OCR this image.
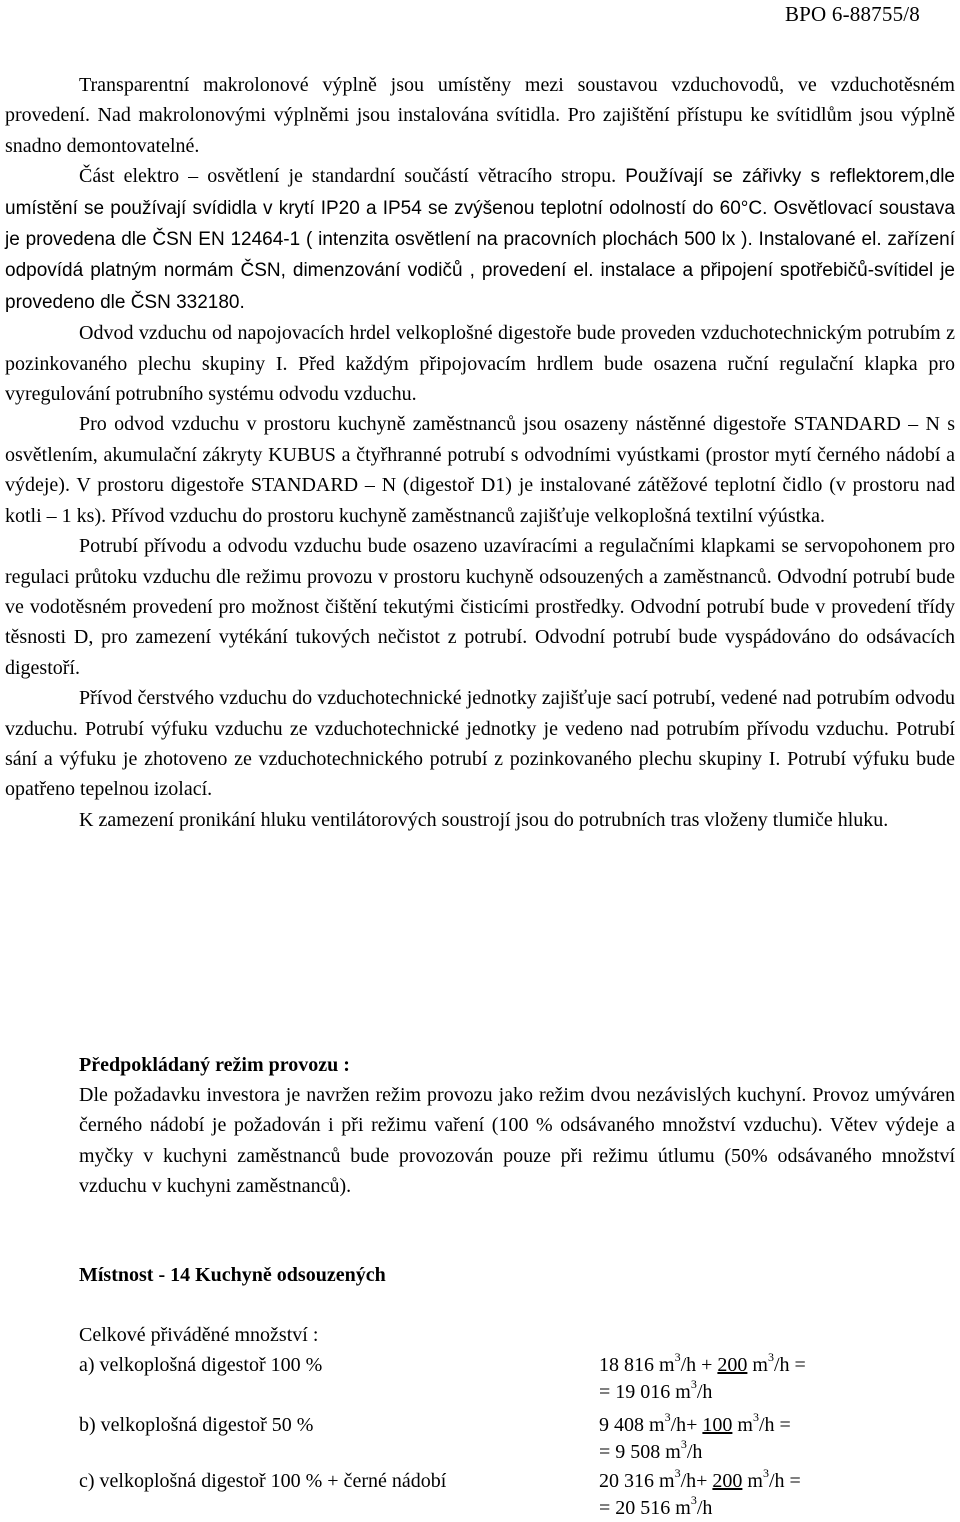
BPO 6-88755/8

Transparentní makrolonové výplně jsou umístěny mezi soustavou vzduchovodů, ve vzduchotěsném provedení. Nad makrolonovými výplněmi jsou instalována svítidla. Pro zajištění přístupu ke svítidlům jsou výplně snadno demontovatelné.

Část elektro – osvětlení je standardní součástí větracího stropu. Používají se zářivky s reflektorem,dle umístění se používají svídidla v krytí IP20 a IP54 se zvýšenou teplotní odolností do 60°C. Osvětlovací soustava je provedena dle ČSN EN 12464-1 ( intenzita osvětlení na pracovních plochách 500 lx ). Instalované el. zařízení odpovídá platným normám ČSN, dimenzování vodičů , provedení el. instalace a připojení spotřebičů-svítidel je provedeno dle ČSN 332180.

Odvod vzduchu od napojovacích hrdel velkoplošné digestoře bude proveden vzduchotechnickým potrubím z pozinkovaného plechu skupiny I. Před každým připojovacím hrdlem bude osazena ruční regulační klapka pro vyregulování potrubního systému odvodu vzduchu.

Pro odvod vzduchu v prostoru kuchyně zaměstnanců jsou osazeny nástěnné digestoře STANDARD – N s osvětlením, akumulační zákryty KUBUS a čtyřhranné potrubí s odvodními vyústkami (prostor mytí černého nádobí a výdeje). V prostoru digestoře STANDARD – N (digestoř D1) je instalované zátěžové teplotní čidlo (v prostoru nad kotli – 1 ks). Přívod vzduchu do prostoru kuchyně zaměstnanců zajišťuje velkoplošná textilní výústka.

Potrubí přívodu a odvodu vzduchu bude osazeno uzavíracími a regulačními klapkami se servopohonem pro regulaci průtoku vzduchu dle režimu provozu v prostoru kuchyně odsouzených a zaměstnanců. Odvodní potrubí bude ve vodotěsném provedení pro možnost čištění tekutými čisticími prostředky. Odvodní potrubí bude v provedení třídy těsnosti D, pro zamezení vytékání tukových nečistot z potrubí. Odvodní potrubí bude vyspádováno do odsávacích digestoří.

Přívod čerstvého vzduchu do vzduchotechnické jednotky zajišťuje sací potrubí, vedené nad potrubím odvodu vzduchu. Potrubí výfuku vzduchu ze vzduchotechnické jednotky je vedeno nad potrubím přívodu vzduchu. Potrubí sání a výfuku je zhotoveno ze vzduchotechnického potrubí z pozinkovaného plechu skupiny I. Potrubí výfuku bude opatřeno tepelnou izolací.

K zamezení pronikání hluku ventilátorových soustrojí jsou do potrubních tras vloženy tlumiče hluku.

Předpokládaný režim provozu :

Dle požadavku investora je navržen režim provozu jako režim dvou nezávislých kuchyní. Provoz umýváren černého nádobí je požadován i při režimu vaření (100 % odsávaného množství vzduchu). Větev výdeje a myčky v kuchyni zaměstnanců bude provozován pouze při režimu útlumu (50% odsávaného množství vzduchu v kuchyni zaměstnanců).

Místnost - 14 Kuchyně odsouzených

Celkové přiváděné množství :
a) velkoplošná digestoř 100 %	18 816 $m^3/h + 200$ $m^3/h$ =
= 19 016 $m^3/h$
b) velkoplošná digestoř 50 %	9 408 $m^3/h+ 100$ $m^3/h$ =
= 9 508 $m^3/h$
c) velkoplošná digestoř 100 % + černé nádobí	20 316 $m^3/h+ 200$ $m^3/h$ =
= 20 516 $m^3/h$
